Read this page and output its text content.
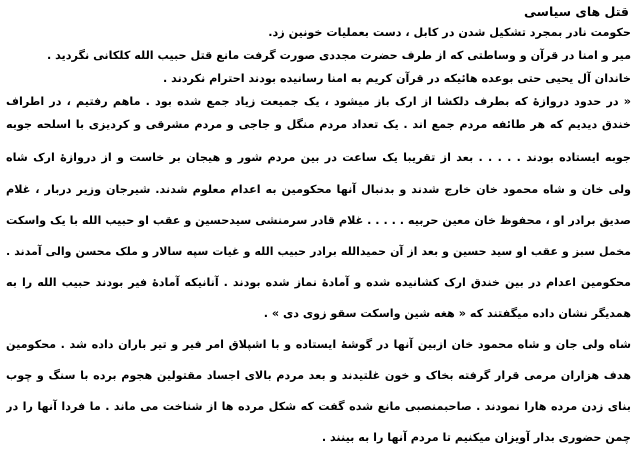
قتل های سیاسی
حکومت نادر بمجرد تشکیل شدن در کابل ، دست بعملیات خونین زد.
میر و امنا در قرآن و وساطتی که از طرف حضرت مجددی صورت گرفت مانع قتل حبیب الله کلکانی نگردید .
خاندان آل یحیی حتی بوعده هائیکه در قرآن کریم به امنا رسانیده بودند احترام نکردند .
« در حدود دروازهٔ که بطرف دلکشا از ارک باز میشود ، یک جمیعت زیاد جمع شده بود . ماهم رفتیم ، در اطراف
خندق دیدیم که هر طائفه مردم جمع اند . یک تعداد مردم منگل و جاجی و مردم مشرقی و کردیزی با اسلحه جوبه
جوبه ایستاده بودند . . . . . بعد از تقریبا یک ساعت در بین مردم شور و هیجان بر خاست و از دروازهٔ ارک شاه
ولی خان و شاه محمود خان خارج شدند و بدنبال آنها محکومین به اعدام معلوم شدند. شیرجان وزیر دربار ، غلام
صدیق برادر او ، محفوظ خان معین حربیه . . . . . غلام قادر سرمنشی سیدحسین و عقب او حبیب الله با یک واسکت
مخمل سبز و عقب او سید حسین و بعد از آن حمیدالله برادر حبیب الله و غیات سپه سالار و ملک محسن والی آمدند .
محکومین اعدام در بین خندق ارک کشانیده شده و آمادهٔ نماز شده بودند . آنانیکه آمادهٔ فیر بودند حبیب الله را به
همدیگر نشان داده میگفتند که « هغه شین واسکت سقو زوی دی » .
شاه ولی جان و شاه محمود خان ازبین آنها در گوشهٔ ایستاده و با اشپلاق امر فیر و تیر باران داده شد . محکومین
هدف هزاران مرمی قرار گرفته بخاک و خون غلتیدند و بعد مردم بالای اجساد مقتولین هجوم برده با سنگ و چوب
بنای زدن مرده هارا نمودند . صاحبمنصبی مانع شده گفت که شکل مرده ها از شناخت می ماند . ما فردا آنها را در
چمن حضوری بدار آویزان میکنیم تا مردم آنها را به بینند .
